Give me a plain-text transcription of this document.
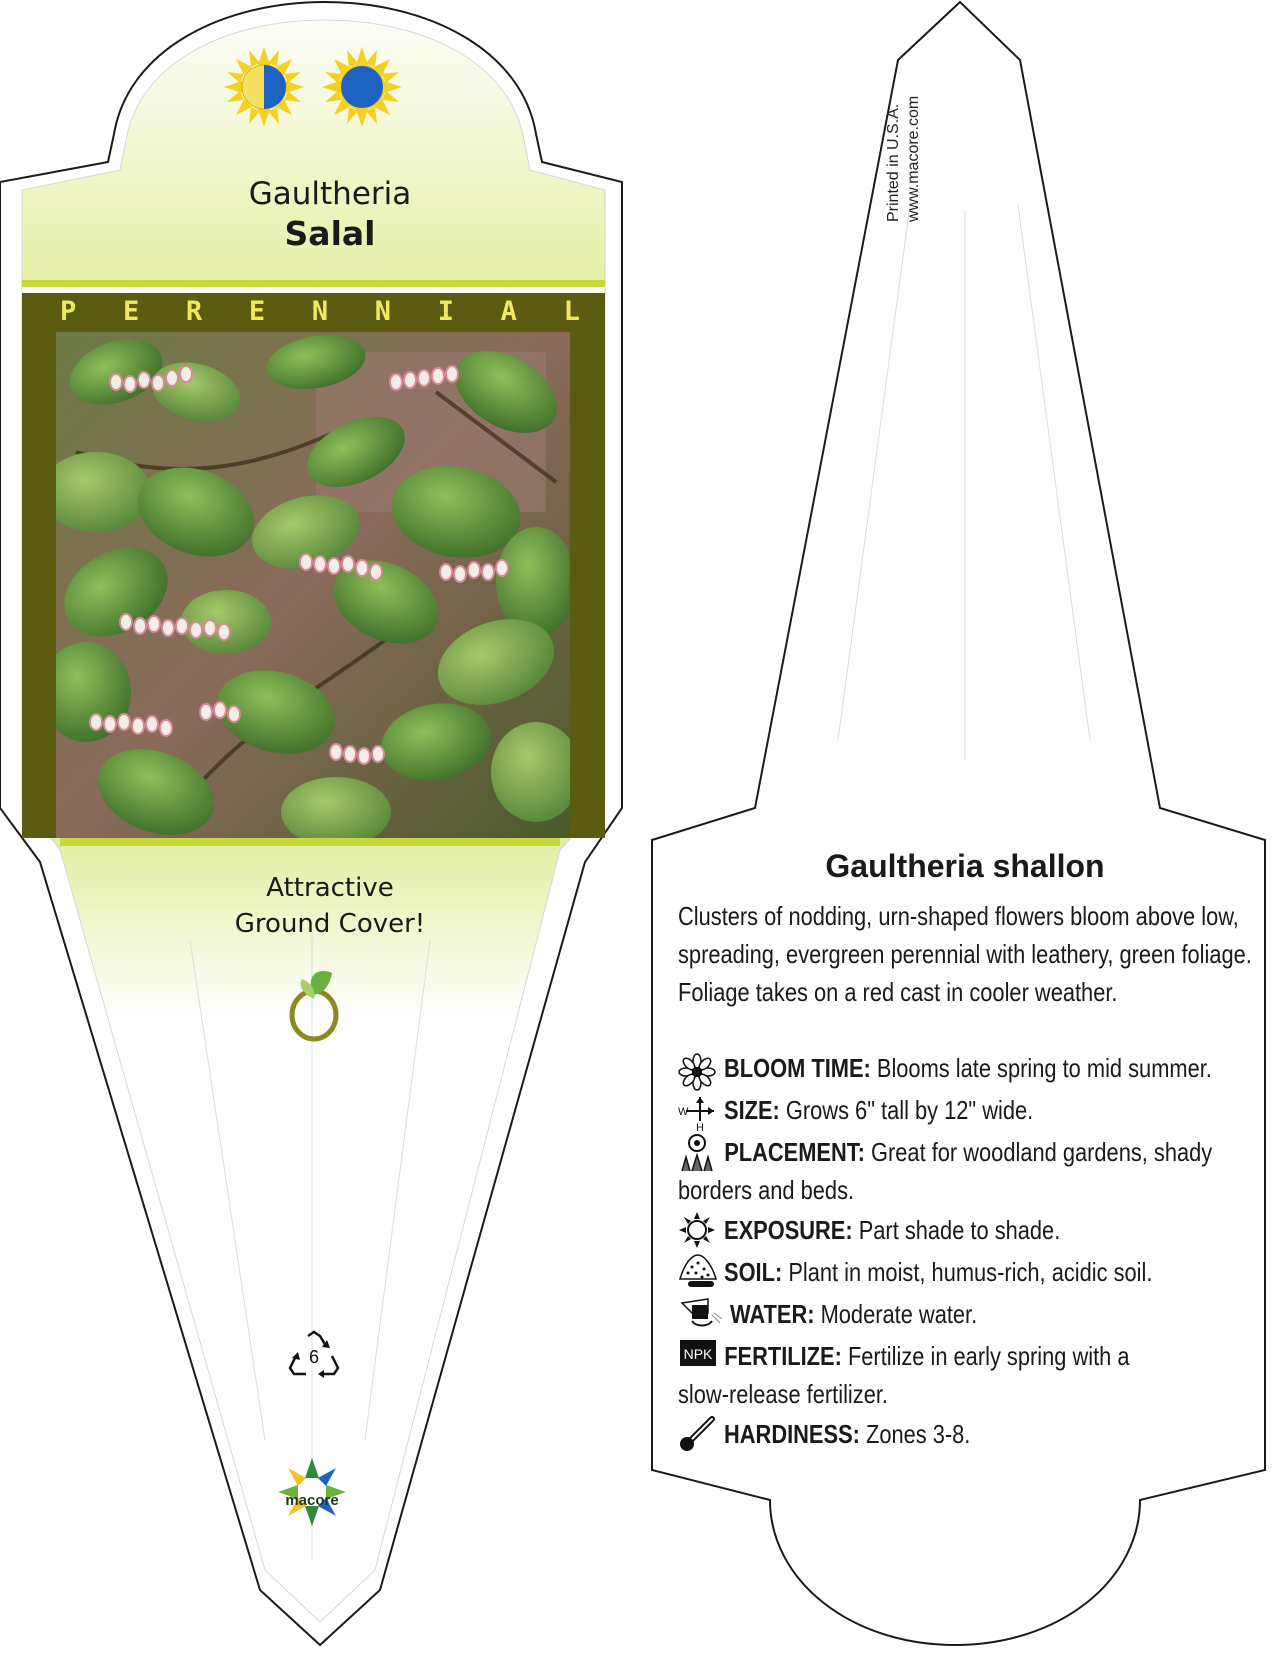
Gaultheria
Salal
P E R E N N I A L
Attractive
Ground Cover!
6
macore
Printed in U.S.A. www.macore.com
Gaultheria shallon
Clusters of nodding, urn-shaped flowers bloom above low, spreading, evergreen perennial with leathery, green foliage. Foliage takes on a red cast in cooler weather.
W
H
NPK
BLOOM TIME: Blooms late spring to mid summer.
SIZE: Grows 6" tall by 12" wide.
PLACEMENT: Great for woodland gardens, shady borders and beds.
EXPOSURE: Part shade to shade.
SOIL: Plant in moist, humus-rich, acidic soil.
WATER: Moderate water.
FERTILIZE: Fertilize in early spring with a slow-release fertilizer.
HARDINESS: Zones 3-8.
